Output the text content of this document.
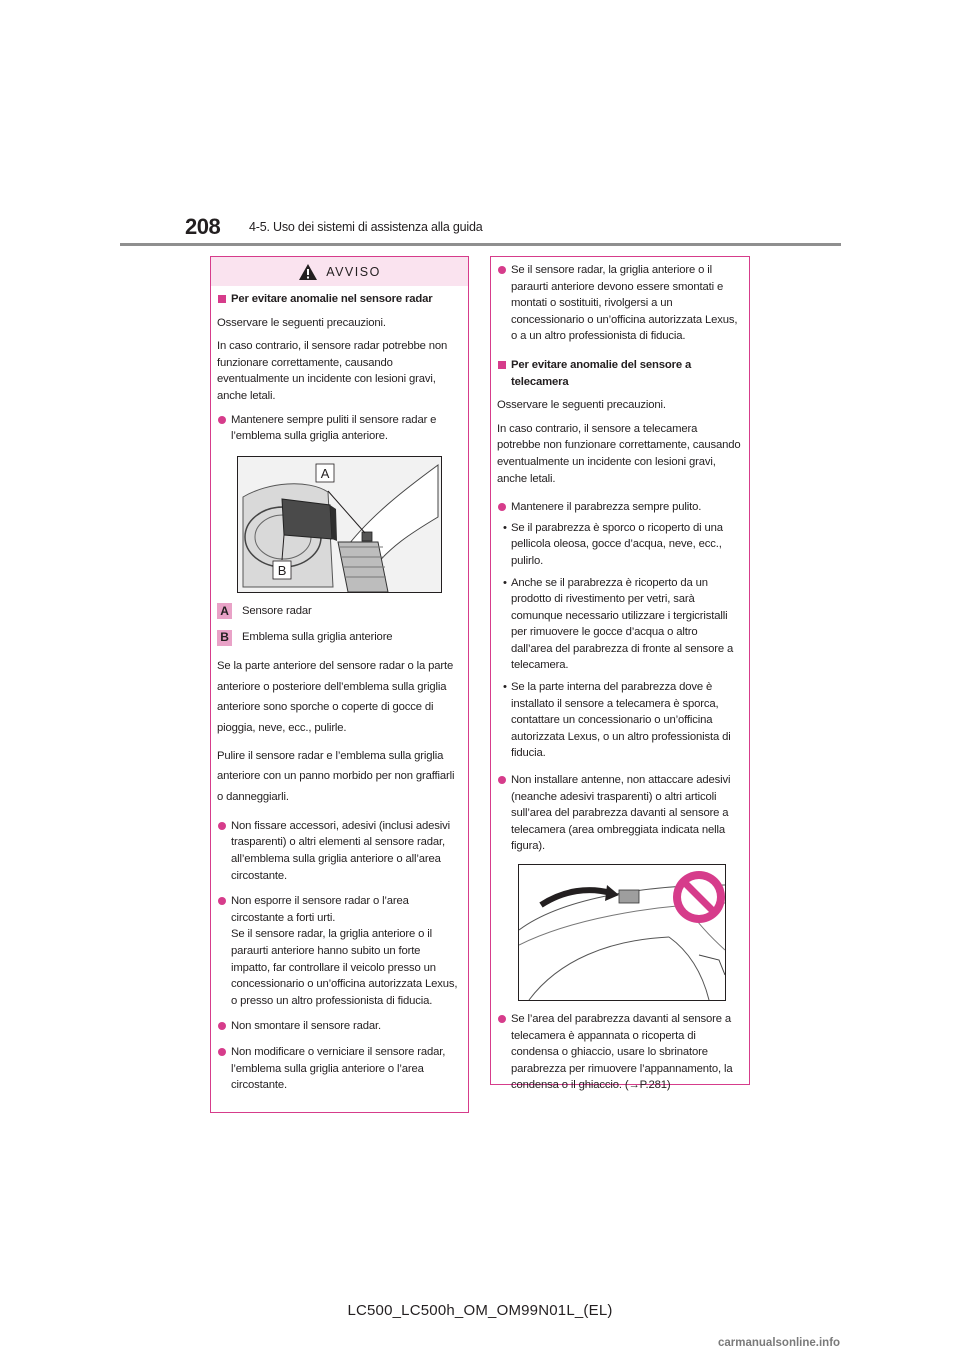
208 4-5. Uso dei sistemi di assistenza alla guida
AVVISO
Per evitare anomalie nel sensore radar

Osservare le seguenti precauzioni.

In caso contrario, il sensore radar potrebbe non funzionare correttamente, causando eventualmente un incidente con lesioni gravi, anche letali.

Mantenere sempre puliti il sensore radar e l’emblema sulla griglia anteriore.
A
B
A Sensore radar
B Emblema sulla griglia anteriore

Se la parte anteriore del sensore radar o la parte anteriore o posteriore dell’emblema sulla griglia anteriore sono sporche o coperte di gocce di pioggia, neve, ecc., pulirle.

Pulire il sensore radar e l’emblema sulla griglia anteriore con un panno morbido per non graffiarli o danneggiarli.

Non fissare accessori, adesivi (inclusi adesivi trasparenti) o altri elementi al sensore radar, all’emblema sulla griglia anteriore o all’area circostante.
Non esporre il sensore radar o l’area circostante a forti urti.
Se il sensore radar, la griglia anteriore o il paraurti anteriore hanno subito un forte impatto, far controllare il veicolo presso un concessionario o un’officina autorizzata Lexus, o presso un altro professionista di fiducia.
Non smontare il sensore radar.
Non modificare o verniciare il sensore radar, l’emblema sulla griglia anteriore o l’area circostante.
Se il sensore radar, la griglia anteriore o il paraurti anteriore devono essere smontati e montati o sostituiti, rivolgersi a un concessionario o un’officina autorizzata Lexus, o a un altro professionista di fiducia.
Per evitare anomalie del sensore a telecamera

Osservare le seguenti precauzioni.

In caso contrario, il sensore a telecamera potrebbe non funzionare correttamente, causando eventualmente un incidente con lesioni gravi, anche letali.

Mantenere il parabrezza sempre pulito.
• Se il parabrezza è sporco o ricoperto di una pellicola oleosa, gocce d’acqua, neve, ecc., pulirlo.
• Anche se il parabrezza è ricoperto da un prodotto di rivestimento per vetri, sarà comunque necessario utilizzare i tergicristalli per rimuovere le gocce d’acqua o altro dall’area del parabrezza di fronte al sensore a telecamera.
• Se la parte interna del parabrezza dove è installato il sensore a telecamera è sporca, contattare un concessionario o un’officina autorizzata Lexus, o un altro professionista di fiducia.
Non installare antenne, non attaccare adesivi (neanche adesivi trasparenti) o altri articoli sull’area del parabrezza davanti al sensore a telecamera (area ombreggiata indicata nella figura).
Se l’area del parabrezza davanti al sensore a telecamera è appannata o ricoperta di condensa o ghiaccio, usare lo sbrinatore parabrezza per rimuovere l’appannamento, la condensa o il ghiaccio. (→P.281)
LC500_LC500h_OM_OM99N01L_(EL)
carmanualsonline.info
